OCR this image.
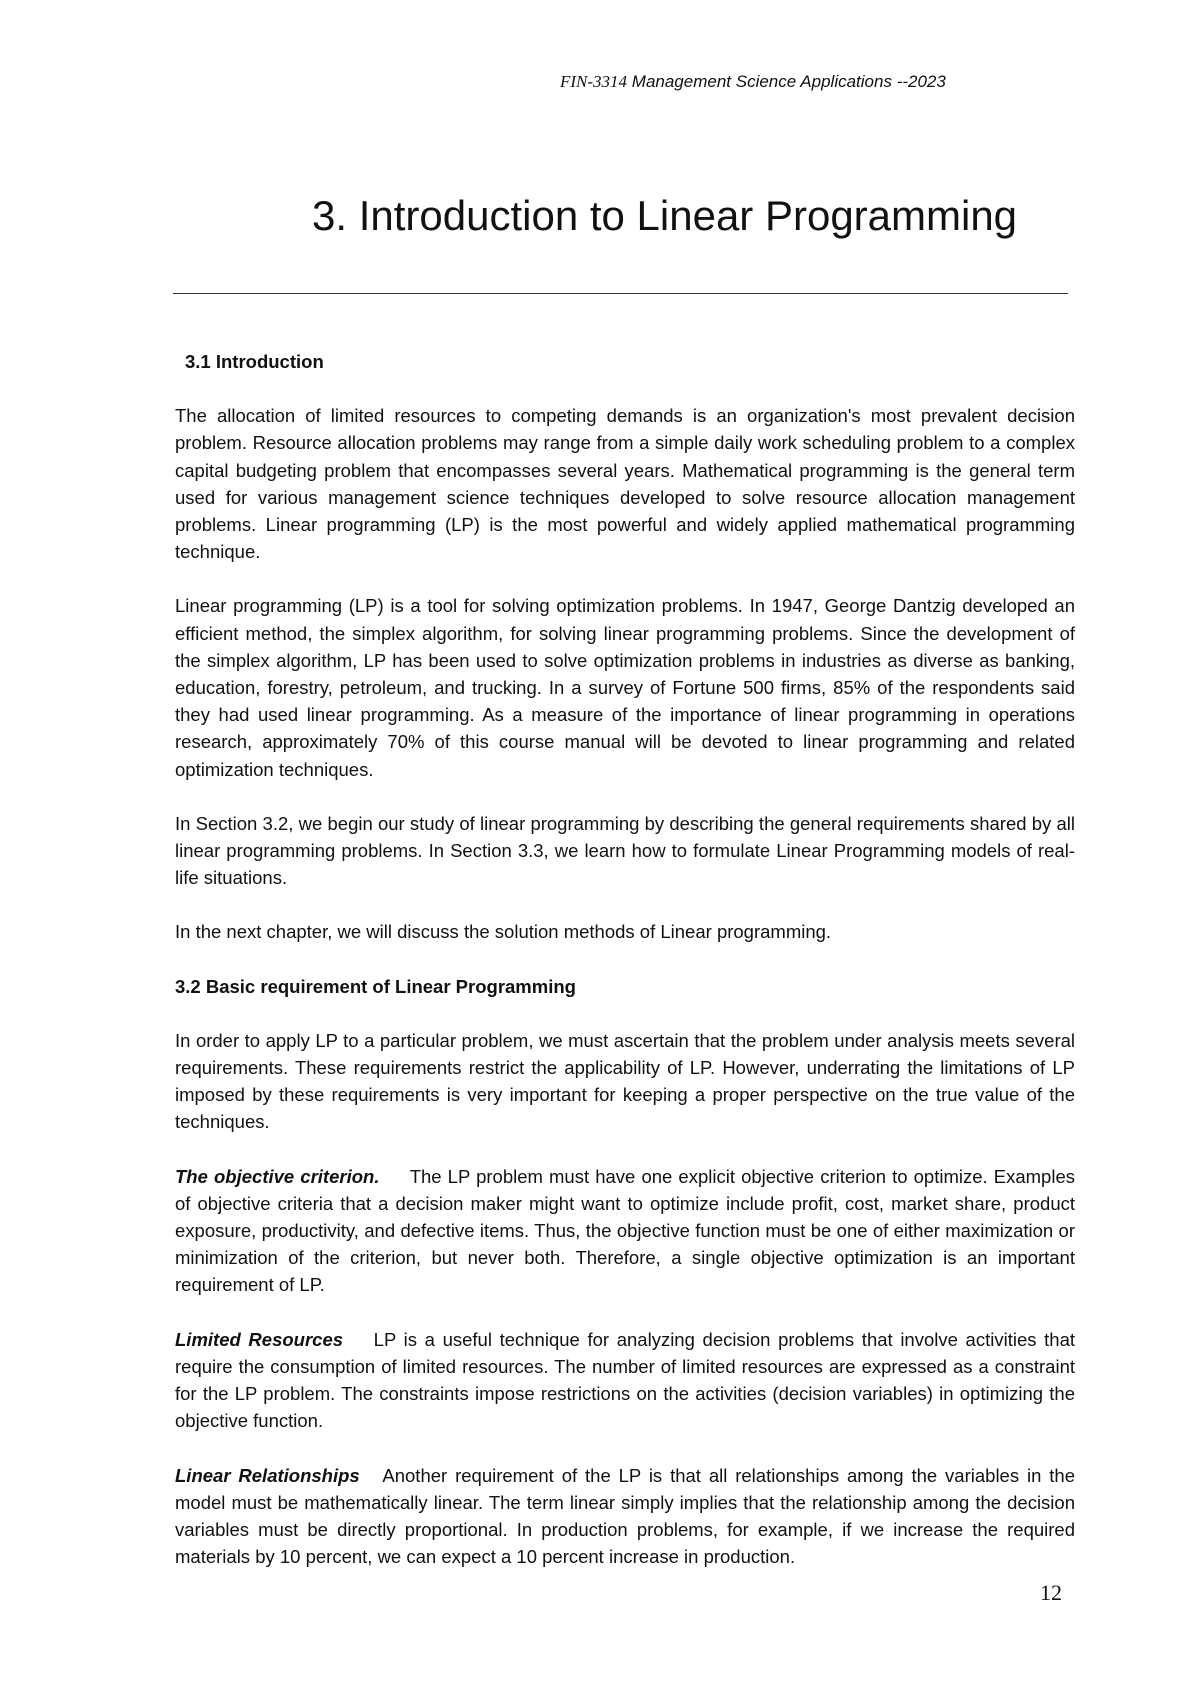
FIN-3314 Management Science Applications --2023
3. Introduction to Linear Programming
3.1 Introduction

The allocation of limited resources to competing demands is an organization's most prevalent decision problem. Resource allocation problems may range from a simple daily work scheduling problem to a complex capital budgeting problem that encompasses several years. Mathematical programming is the general term used for various management science techniques developed to solve resource allocation management problems. Linear programming (LP) is the most powerful and widely applied mathematical programming technique.

Linear programming (LP) is a tool for solving optimization problems. In 1947, George Dantzig developed an efficient method, the simplex algorithm, for solving linear programming problems. Since the development of the simplex algorithm, LP has been used to solve optimization problems in industries as diverse as banking, education, forestry, petroleum, and trucking. In a survey of Fortune 500 firms, 85% of the respondents said they had used linear programming. As a measure of the importance of linear programming in operations research, approximately 70% of this course manual will be devoted to linear programming and related optimization techniques.

In Section 3.2, we begin our study of linear programming by describing the general requirements shared by all linear programming problems. In Section 3.3, we learn how to formulate Linear Programming models of real-life situations.

In the next chapter, we will discuss the solution methods of Linear programming.

3.2 Basic requirement of Linear Programming

In order to apply LP to a particular problem, we must ascertain that the problem under analysis meets several requirements. These requirements restrict the applicability of LP. However, underrating the limitations of LP imposed by these requirements is very important for keeping a proper perspective on the true value of the techniques.

The objective criterion. The LP problem must have one explicit objective criterion to optimize. Examples of objective criteria that a decision maker might want to optimize include profit, cost, market share, product exposure, productivity, and defective items. Thus, the objective function must be one of either maximization or minimization of the criterion, but never both. Therefore, a single objective optimization is an important requirement of LP.

Limited Resources LP is a useful technique for analyzing decision problems that involve activities that require the consumption of limited resources. The number of limited resources are expressed as a constraint for the LP problem. The constraints impose restrictions on the activities (decision variables) in optimizing the objective function.

Linear Relationships Another requirement of the LP is that all relationships among the variables in the model must be mathematically linear. The term linear simply implies that the relationship among the decision variables must be directly proportional. In production problems, for example, if we increase the required materials by 10 percent, we can expect a 10 percent increase in production.

12
